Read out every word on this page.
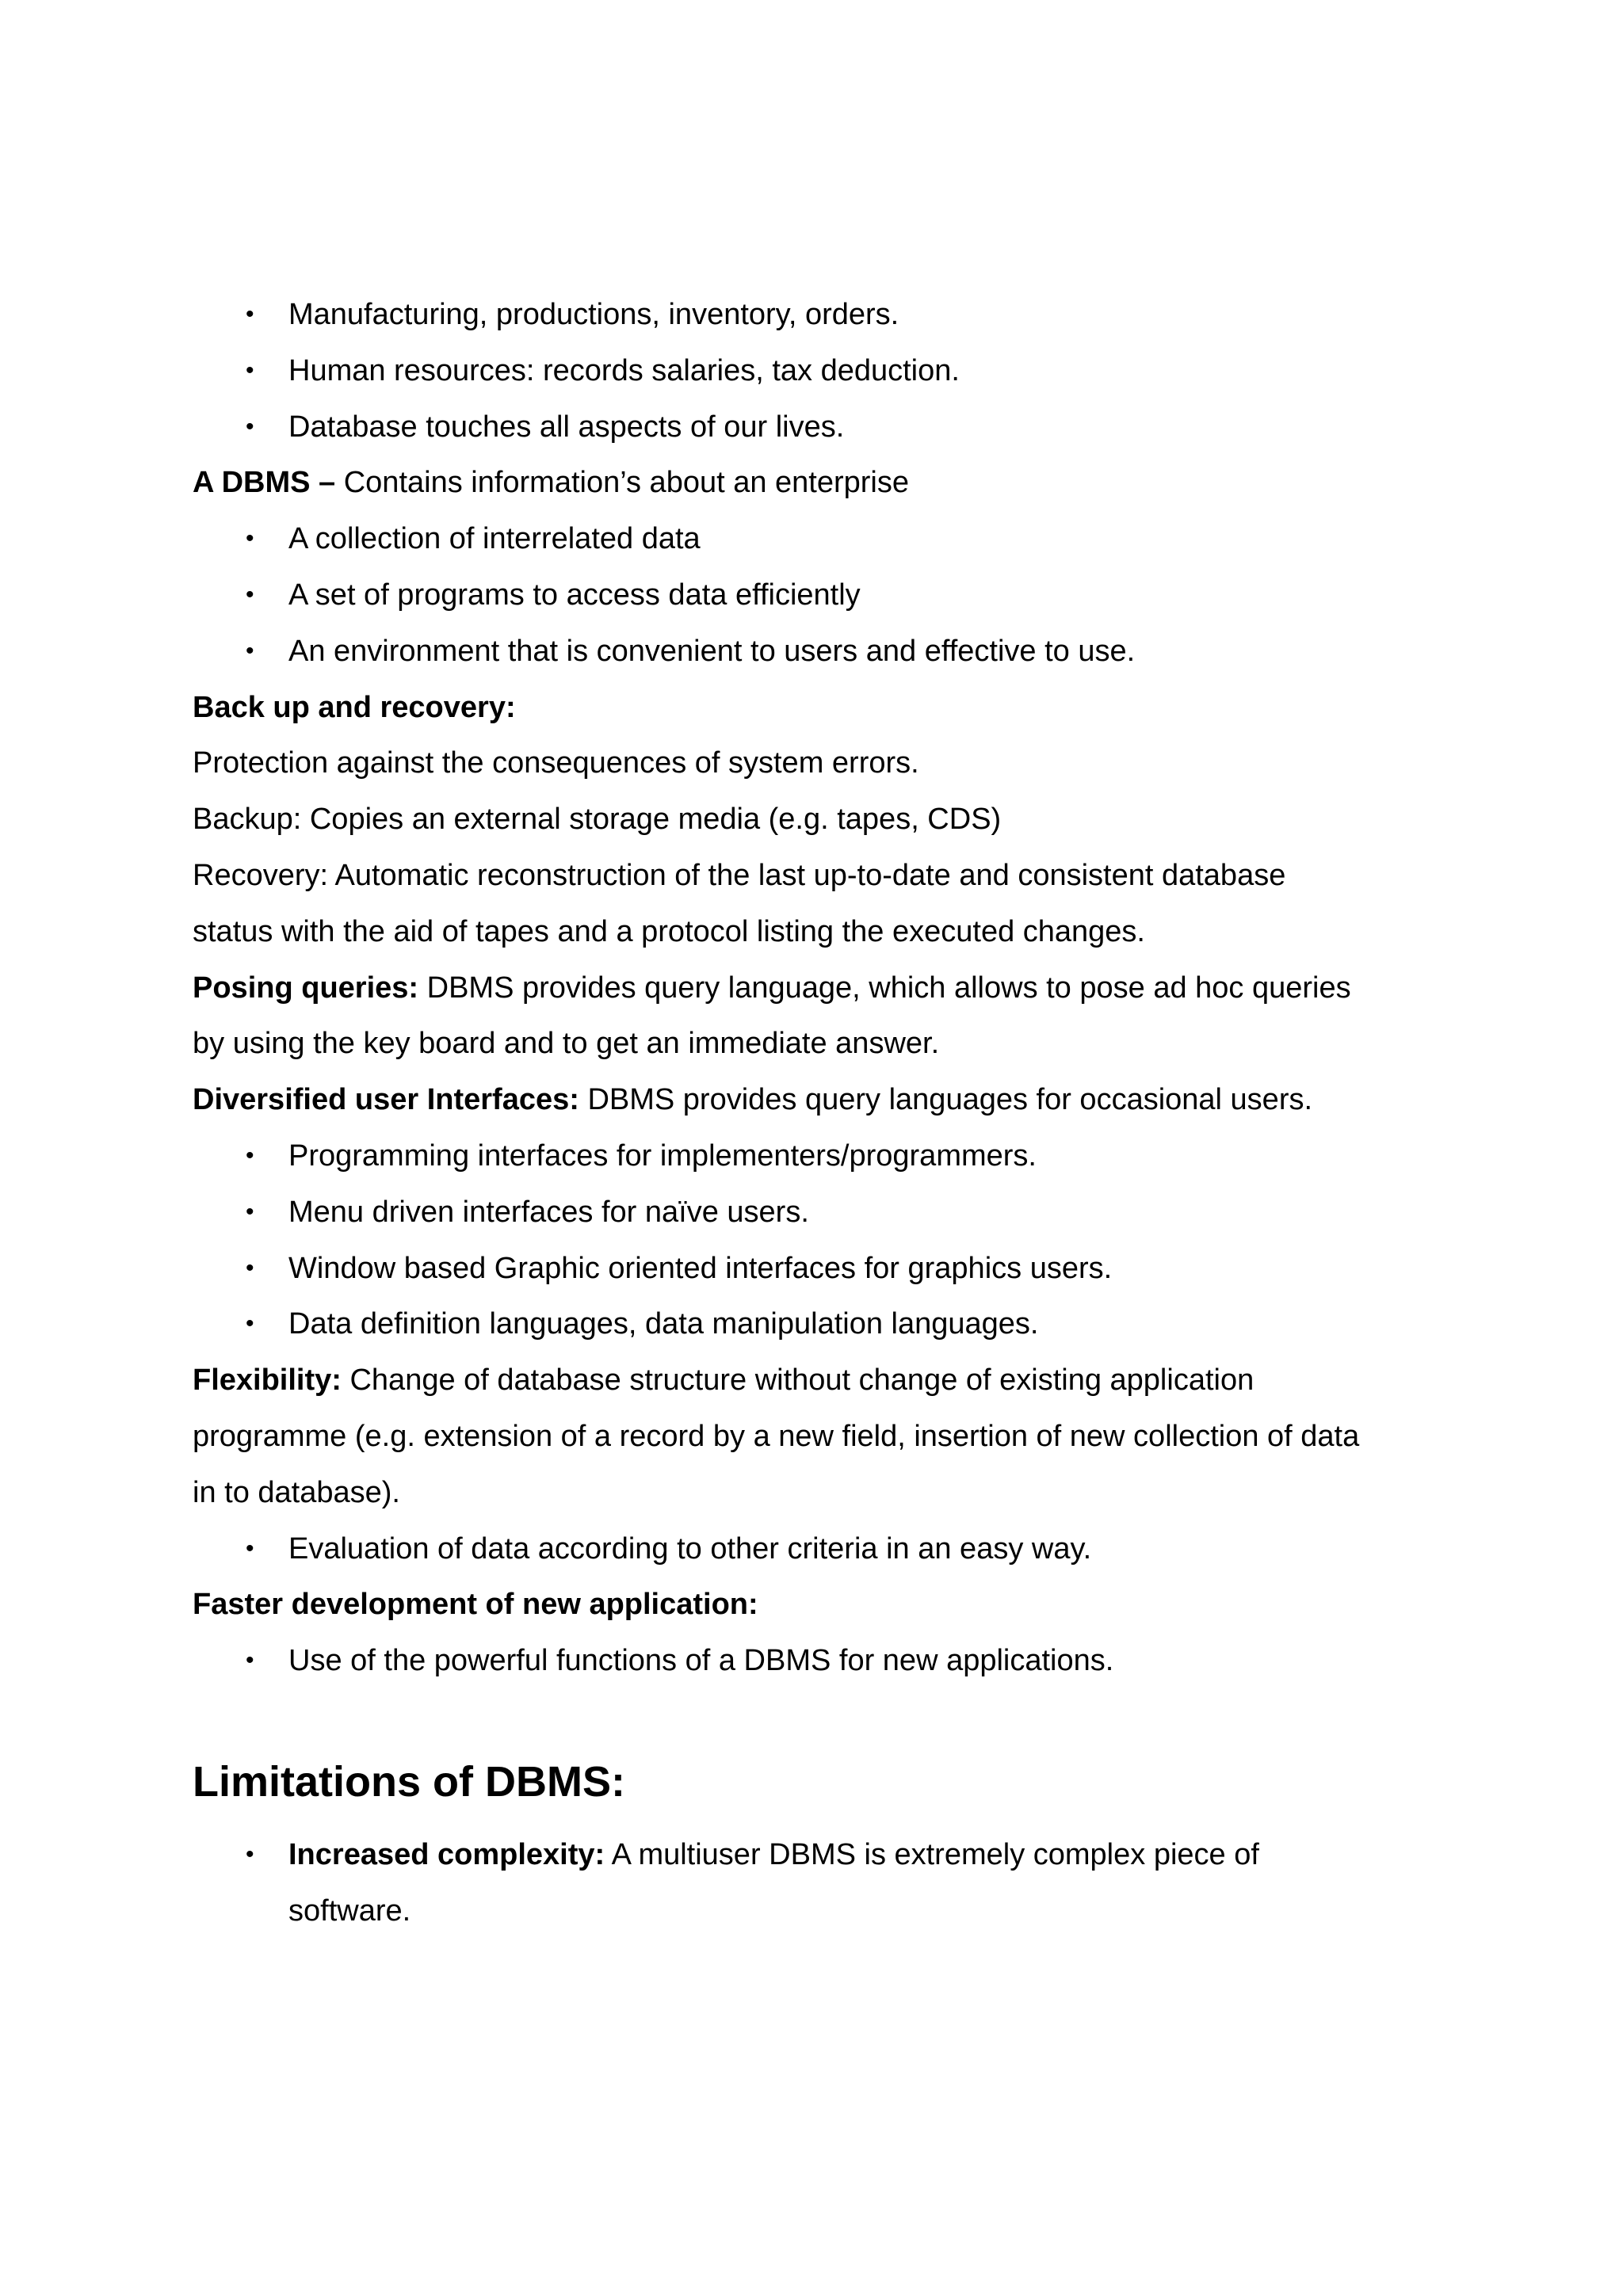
• Manufacturing, productions, inventory, orders.
• Human resources: records salaries, tax deduction.
• Database touches all aspects of our lives.

A DBMS – Contains information’s about an enterprise

• A collection of interrelated data
• A set of programs to access data efficiently
• An environment that is convenient to users and effective to use.

Back up and recovery:

Protection against the consequences of system errors.

Backup: Copies an external storage media (e.g. tapes, CDS)

Recovery: Automatic reconstruction of the last up-to-date and consistent database

status with the aid of tapes and a protocol listing the executed changes.

Posing queries: DBMS provides query language, which allows to pose ad hoc queries

by using the key board and to get an immediate answer.

Diversified user Interfaces: DBMS provides query languages for occasional users.

• Programming interfaces for implementers/programmers.
• Menu driven interfaces for naïve users.
• Window based Graphic oriented interfaces for graphics users.
• Data definition languages, data manipulation languages.

Flexibility: Change of database structure without change of existing application

programme (e.g. extension of a record by a new field, insertion of new collection of data

in to database).

• Evaluation of data according to other criteria in an easy way.

Faster development of new application:

• Use of the powerful functions of a DBMS for new applications.
Limitations of DBMS:
• Increased complexity: A multiuser DBMS is extremely complex piece of
software.
